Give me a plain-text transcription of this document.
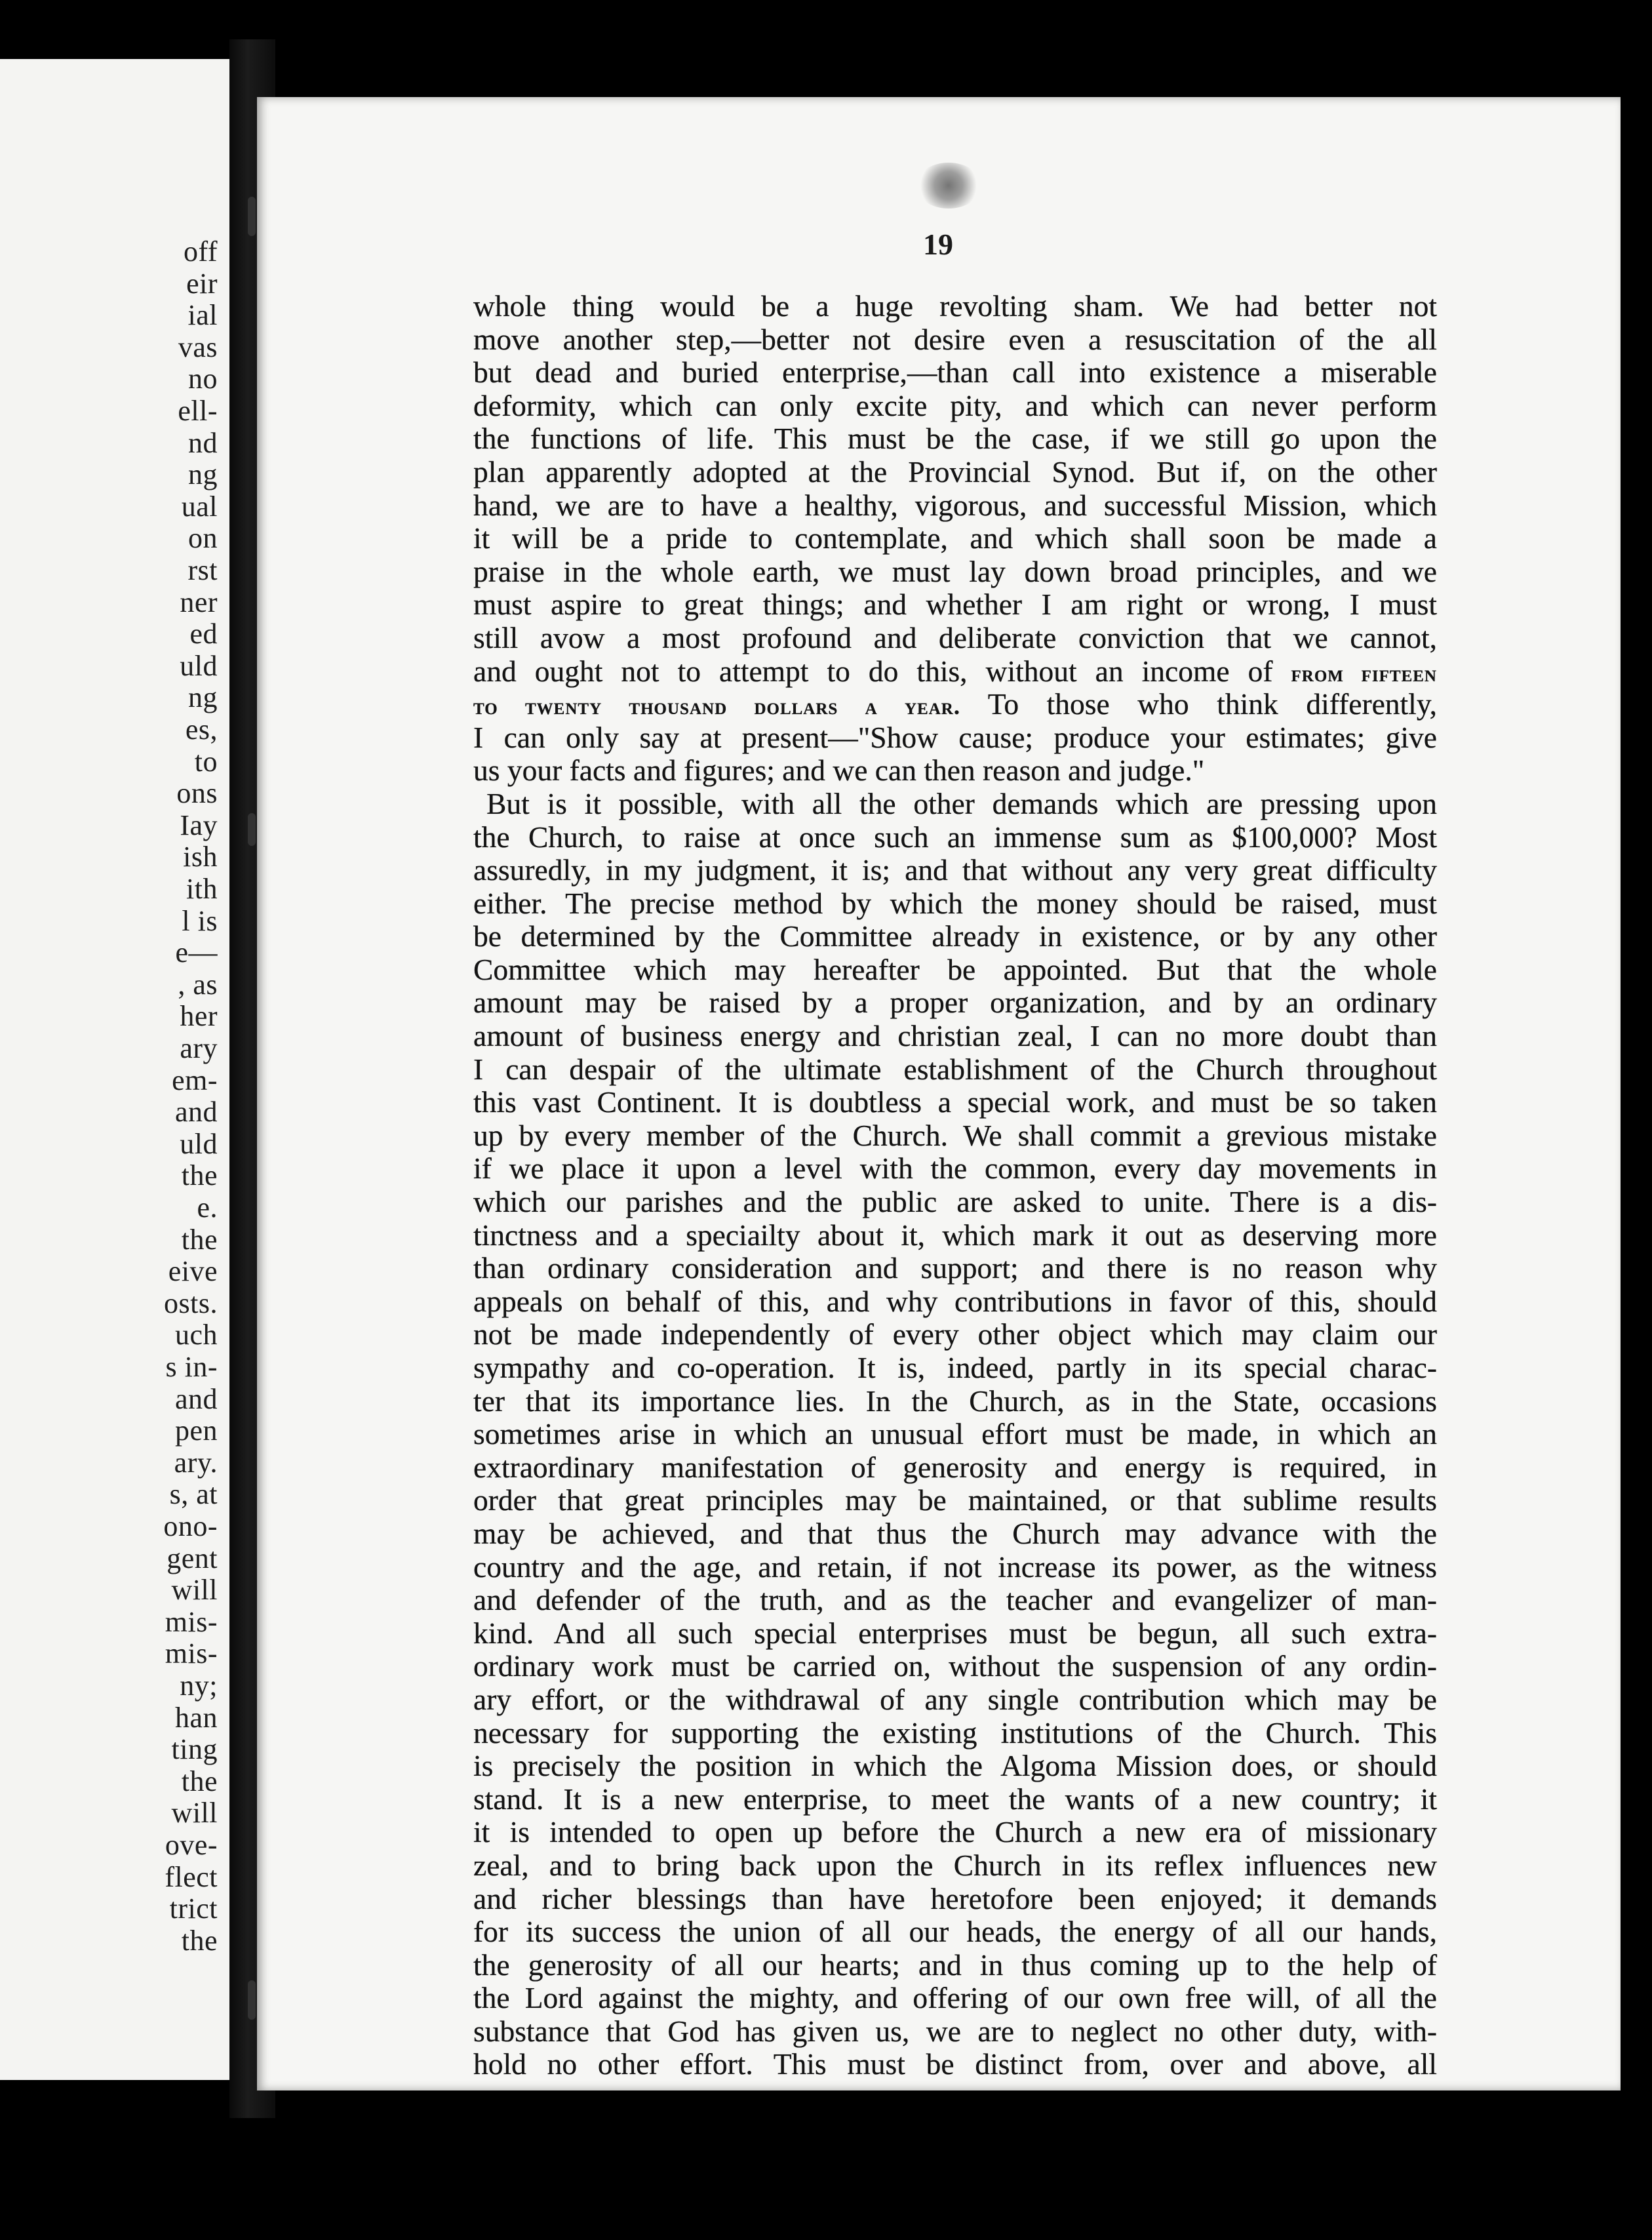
off
eir
ial
vas
no
ell-
nd
ng
ual
on
rst
ner
ed
uld
ng
es,
to
ons
Iay
ish
ith
l is
e—
, as
her
ary
em-
and
uld
the
e.
the
eive
osts.
uch
s in-
and
pen
ary.
s, at
ono-
gent
will
mis-
mis-
ny;
han
ting
the
will
ove-
flect
trict
the
19
whole thing would be a huge revolting sham. We had better not
move another step,—better not desire even a resuscitation of the all
but dead and buried enterprise,—than call into existence a miserable
deformity, which can only excite pity, and which can never perform
the functions of life. This must be the case, if we still go upon the
plan apparently adopted at the Provincial Synod. But if, on the other
hand, we are to have a healthy, vigorous, and successful Mission, which
it will be a pride to contemplate, and which shall soon be made a
praise in the whole earth, we must lay down broad principles, and we
must aspire to great things; and whether I am right or wrong, I must
still avow a most profound and deliberate conviction that we cannot,
and ought not to attempt to do this, without an income of from fifteen
to twenty thousand dollars a year. To those who think differently,
I can only say at present—"Show cause; produce your estimates; give
us your facts and figures; and we can then reason and judge."
But is it possible, with all the other demands which are pressing upon
the Church, to raise at once such an immense sum as $100,000? Most
assuredly, in my judgment, it is; and that without any very great difficulty
either. The precise method by which the money should be raised, must
be determined by the Committee already in existence, or by any other
Committee which may hereafter be appointed. But that the whole
amount may be raised by a proper organization, and by an ordinary
amount of business energy and christian zeal, I can no more doubt than
I can despair of the ultimate establishment of the Church throughout
this vast Continent. It is doubtless a special work, and must be so taken
up by every member of the Church. We shall commit a grevious mistake
if we place it upon a level with the common, every day movements in
which our parishes and the public are asked to unite. There is a dis-
tinctness and a speciailty about it, which mark it out as deserving more
than ordinary consideration and support; and there is no reason why
appeals on behalf of this, and why contributions in favor of this, should
not be made independently of every other object which may claim our
sympathy and co-operation. It is, indeed, partly in its special charac-
ter that its importance lies. In the Church, as in the State, occasions
sometimes arise in which an unusual effort must be made, in which an
extraordinary manifestation of generosity and energy is required, in
order that great principles may be maintained, or that sublime results
may be achieved, and that thus the Church may advance with the
country and the age, and retain, if not increase its power, as the witness
and defender of the truth, and as the teacher and evangelizer of man-
kind. And all such special enterprises must be begun, all such extra-
ordinary work must be carried on, without the suspension of any ordin-
ary effort, or the withdrawal of any single contribution which may be
necessary for supporting the existing institutions of the Church. This
is precisely the position in which the Algoma Mission does, or should
stand. It is a new enterprise, to meet the wants of a new country; it
it is intended to open up before the Church a new era of missionary
zeal, and to bring back upon the Church in its reflex influences new
and richer blessings than have heretofore been enjoyed; it demands
for its success the union of all our heads, the energy of all our hands,
the generosity of all our hearts; and in thus coming up to the help of
the Lord against the mighty, and offering of our own free will, of all the
substance that God has given us, we are to neglect no other duty, with-
hold no other effort. This must be distinct from, over and above, all
